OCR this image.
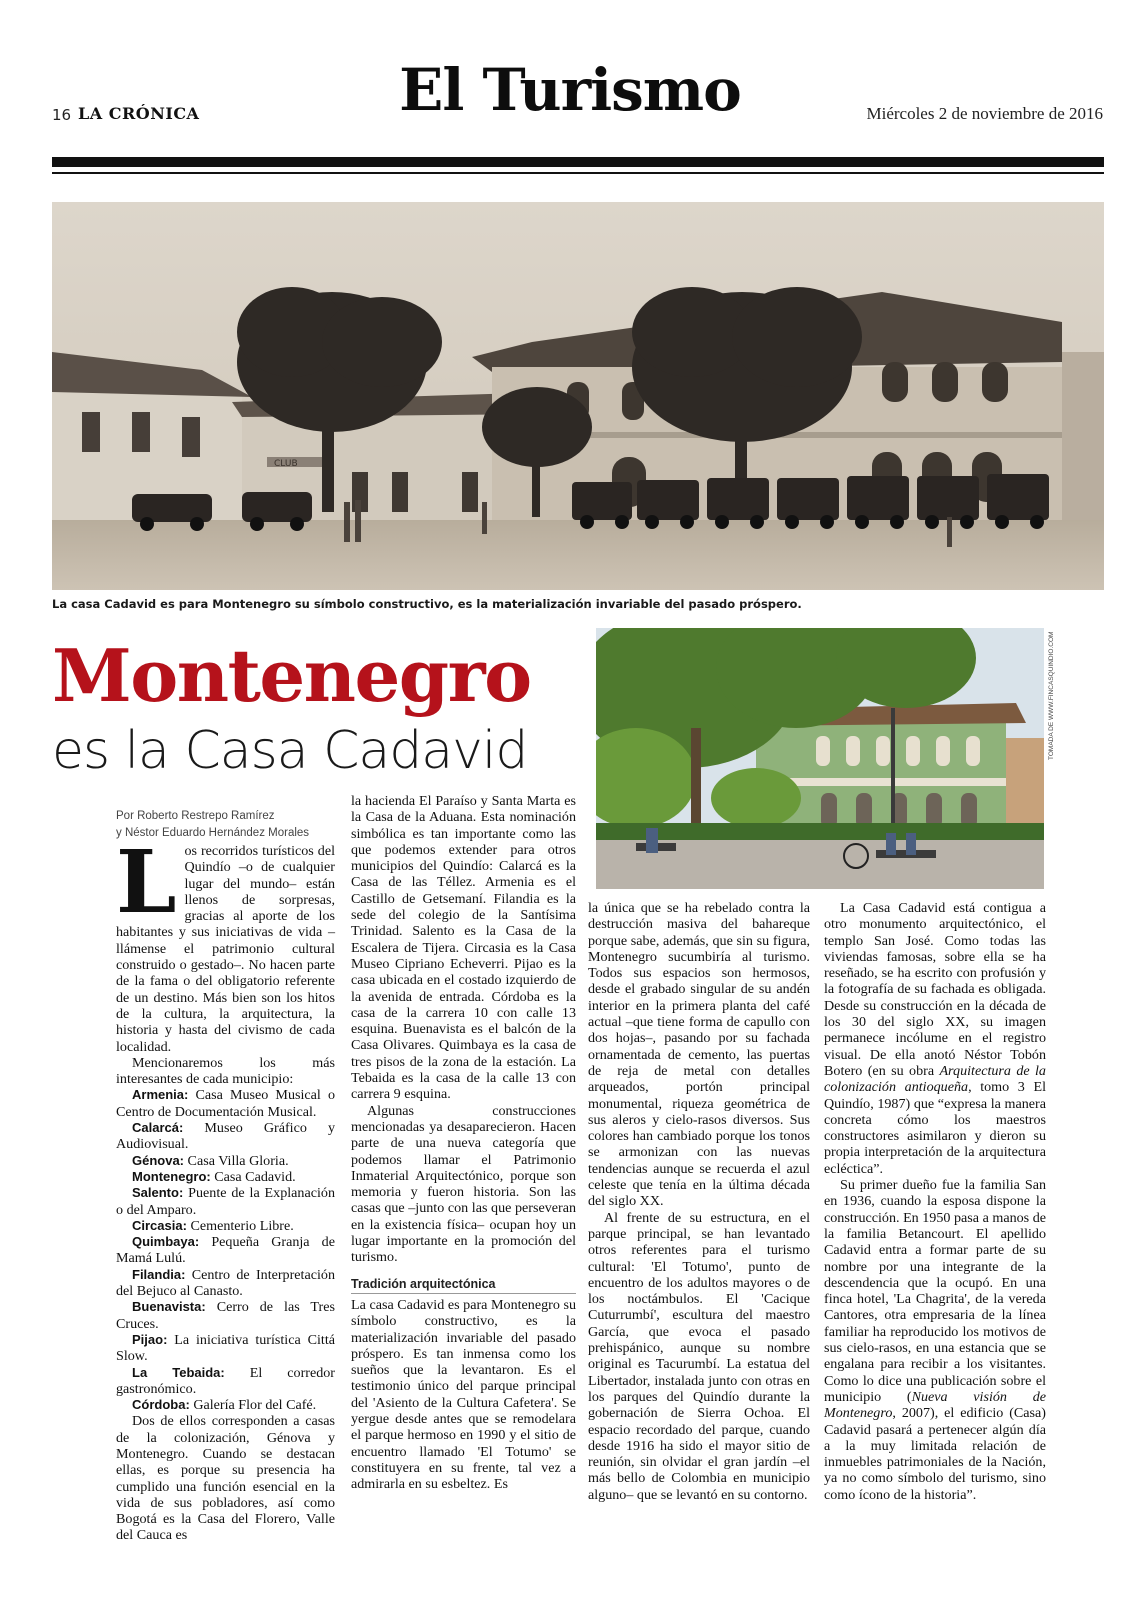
16 LA CRÓNICA	El Turismo	Miércoles 2 de noviembre de 2016
CLUB
La casa Cadavid es para Montenegro su símbolo constructivo, es la materialización invariable del pasado próspero.
Montenegro
es la Casa Cadavid
Por Roberto Restrepo Ramírez
y Néstor Eduardo Hernández Morales
TOMADA DE WWW.FINCASQUINDIO.COM

Los recorridos turísticos del Quindío –o de cualquier lugar del mundo– están llenos de sorpresas, gracias al aporte de los habitantes y sus iniciativas de vida –llámense el patrimonio cultural construido o gestado–. No hacen parte de la fama o del obligatorio referente de un destino. Más bien son los hitos de la cultura, la arquitectura, la historia y hasta del civismo de cada localidad.

Mencionaremos los más interesantes de cada municipio:

Armenia: Casa Museo Musical o Centro de Documentación Musical.

Calarcá: Museo Gráfico y Audiovisual.

Génova: Casa Villa Gloria.

Montenegro: Casa Cadavid.

Salento: Puente de la Explanación o del Amparo.

Circasia: Cementerio Libre.

Quimbaya: Pequeña Granja de Mamá Lulú.

Filandia: Centro de Interpretación del Bejuco al Canasto.

Buenavista: Cerro de las Tres Cruces.

Pijao: La iniciativa turística Cittá Slow.

La Tebaida: El corredor gastronómico.

Córdoba: Galería Flor del Café.

Dos de ellos corresponden a casas de la colonización, Génova y Montenegro. Cuando se destacan ellas, es porque su presencia ha cumplido una función esencial en la vida de sus pobladores, así como Bogotá es la Casa del Florero, Valle del Cauca es

la hacienda El Paraíso y Santa Marta es la Casa de la Aduana. Esta nominación simbólica es tan importante como las que podemos extender para otros municipios del Quindío: Calarcá es la Casa de las Téllez. Armenia es el Castillo de Getsemaní. Filandia es la sede del colegio de la Santísima Trinidad. Salento es la Casa de la Escalera de Tijera. Circasia es la Casa Museo Cipriano Echeverri. Pijao es la casa ubicada en el costado izquierdo de la avenida de entrada. Córdoba es la casa de la carrera 10 con calle 13 esquina. Buenavista es el balcón de la Casa Olivares. Quimbaya es la casa de tres pisos de la zona de la estación. La Tebaida es la casa de la calle 13 con carrera 9 esquina.

Algunas construcciones mencionadas ya desaparecieron. Hacen parte de una nueva categoría que podemos llamar el Patrimonio Inmaterial Arquitectónico, porque son memoria y fueron historia. Son las casas que –junto con las que perseveran en la existencia física– ocupan hoy un lugar importante en la promoción del turismo.

Tradición arquitectónica

La casa Cadavid es para Montenegro su símbolo constructivo, es la materialización invariable del pasado próspero. Es tan inmensa como los sueños que la levantaron. Es el testimonio único del parque principal del 'Asiento de la Cultura Cafetera'. Se yergue desde antes que se remodelara el parque hermoso en 1990 y el sitio de encuentro llamado 'El Totumo' se constituyera en su frente, tal vez a admirarla en su esbeltez. Es

la única que se ha rebelado contra la destrucción masiva del bahareque porque sabe, además, que sin su figura, Montenegro sucumbiría al turismo. Todos sus espacios son hermosos, desde el grabado singular de su andén interior en la primera planta del café actual –que tiene forma de capullo con dos hojas–, pasando por su fachada ornamentada de cemento, las puertas de reja de metal con detalles arqueados, portón principal monumental, riqueza geométrica de sus aleros y cielo-rasos diversos. Sus colores han cambiado porque los tonos se armonizan con las nuevas tendencias aunque se recuerda el azul celeste que tenía en la última década del siglo XX.

Al frente de su estructura, en el parque principal, se han levantado otros referentes para el turismo cultural: 'El Totumo', punto de encuentro de los adultos mayores o de los noctámbulos. El 'Cacique Cuturrumbí', escultura del maestro García, que evoca el pasado prehispánico, aunque su nombre original es Tacurumbí. La estatua del Libertador, instalada junto con otras en los parques del Quindío durante la gobernación de Sierra Ochoa. El espacio recordado del parque, cuando desde 1916 ha sido el mayor sitio de reunión, sin olvidar el gran jardín –el más bello de Colombia en municipio alguno– que se levantó en su contorno.

La Casa Cadavid está contigua a otro monumento arquitectónico, el templo San José. Como todas las viviendas famosas, sobre ella se ha reseñado, se ha escrito con profusión y la fotografía de su fachada es obligada. Desde su construcción en la década de los 30 del siglo XX, su imagen permanece incólume en el registro visual. De ella anotó Néstor Tobón Botero (en su obra Arquitectura de la colonización antioqueña, tomo 3 El Quindío, 1987) que “expresa la manera concreta cómo los maestros constructores asimilaron y dieron su propia interpretación de la arquitectura ecléctica”.

Su primer dueño fue la familia San en 1936, cuando la esposa dispone la construcción. En 1950 pasa a manos de la familia Betancourt. El apellido Cadavid entra a formar parte de su nombre por una integrante de la descendencia que la ocupó. En una finca hotel, 'La Chagrita', de la vereda Cantores, otra empresaria de la línea familiar ha reproducido los motivos de sus cielo-rasos, en una estancia que se engalana para recibir a los visitantes. Como lo dice una publicación sobre el municipio (Nueva visión de Montenegro, 2007), el edificio (Casa) Cadavid pasará a pertenecer algún día a la muy limitada relación de inmuebles patrimoniales de la Nación, ya no como símbolo del turismo, sino como ícono de la historia”.
